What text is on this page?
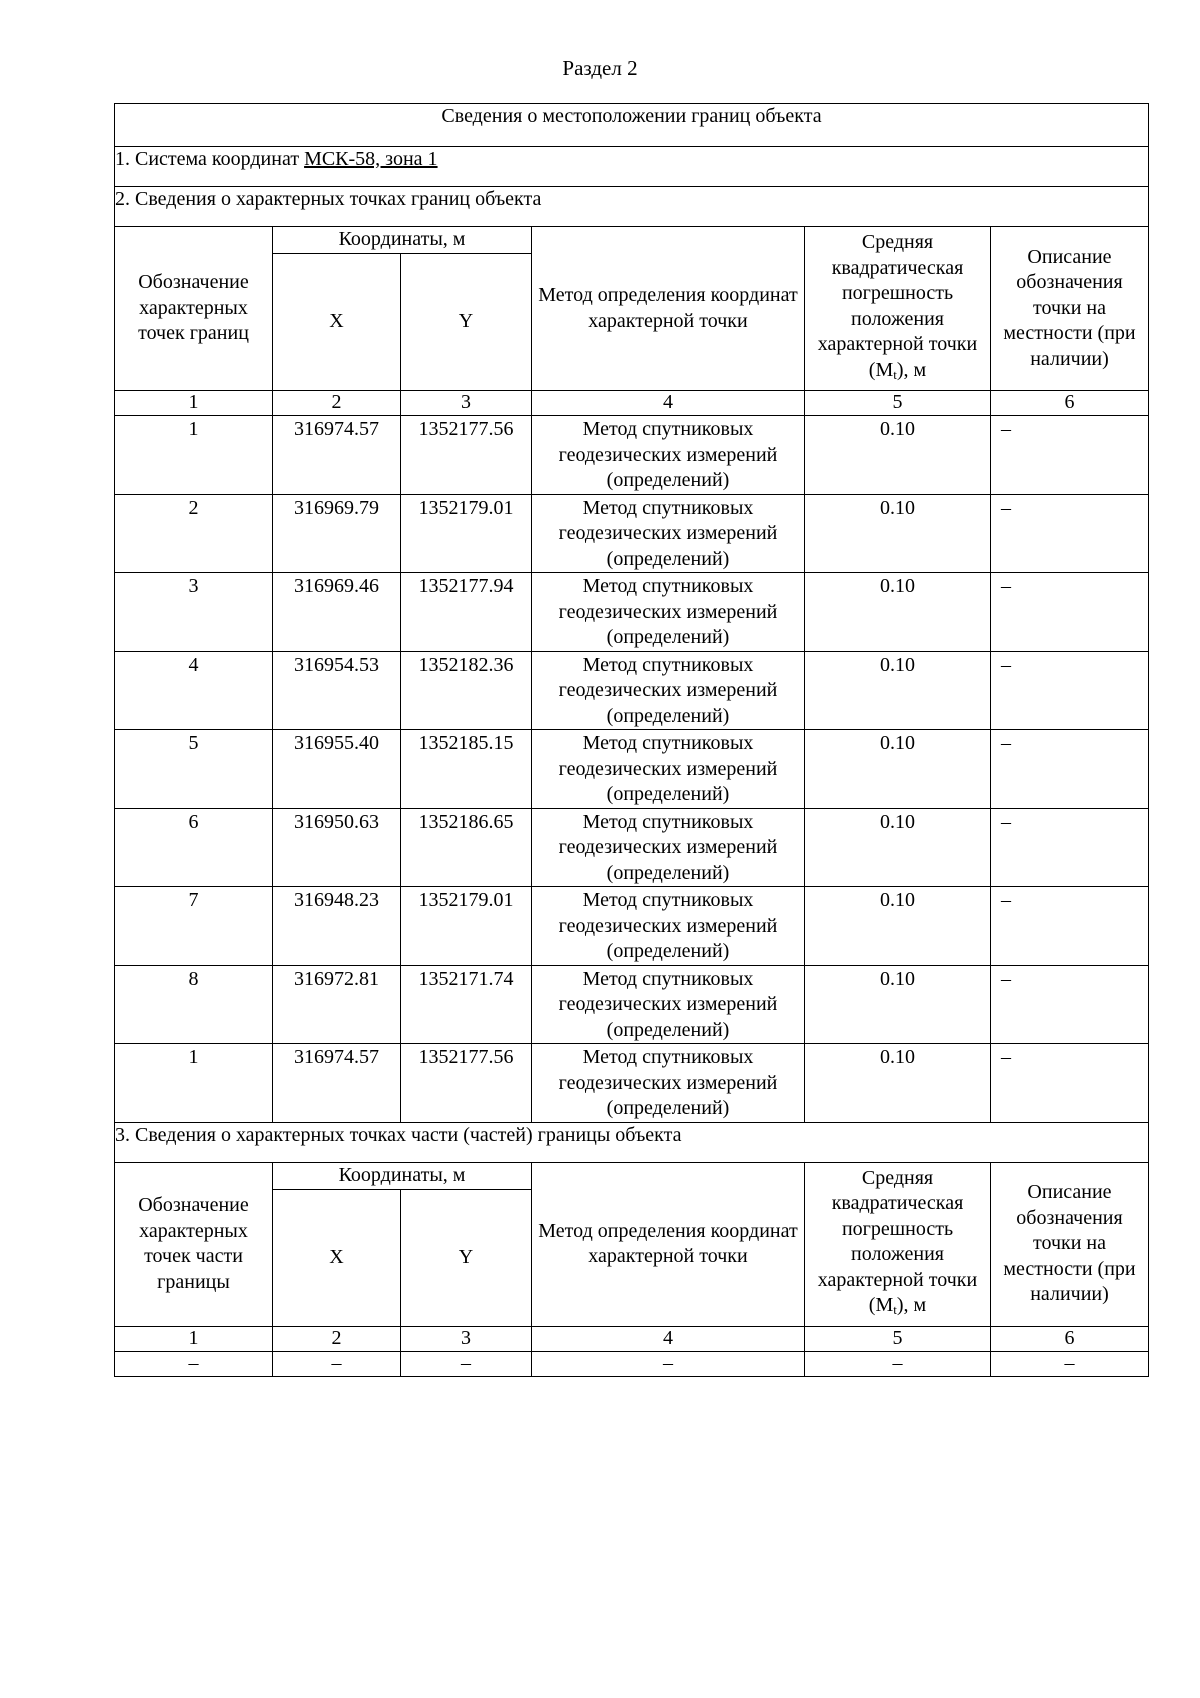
Раздел 2
Сведения о местоположении границ объекта					
1. Система координат МСК-58, зона 1					
2. Сведения о характерных точках границ объекта					
Обозначение характерных точек границ	Координаты, м		Метод определения координат характерной точки	Средняя квадратическая погрешность положения характерной точки $(M_t)$, м	Описание обозначения точки на местности (при наличии)
	X	Y			
1	2	3	4	5	6
1	316974.57	1352177.56	Метод спутниковых геодезических измерений (определений)	0.10	–
2	316969.79	1352179.01	Метод спутниковых геодезических измерений (определений)	0.10	–
3	316969.46	1352177.94	Метод спутниковых геодезических измерений (определений)	0.10	–
4	316954.53	1352182.36	Метод спутниковых геодезических измерений (определений)	0.10	–
5	316955.40	1352185.15	Метод спутниковых геодезических измерений (определений)	0.10	–
6	316950.63	1352186.65	Метод спутниковых геодезических измерений (определений)	0.10	–
7	316948.23	1352179.01	Метод спутниковых геодезических измерений (определений)	0.10	–
8	316972.81	1352171.74	Метод спутниковых геодезических измерений (определений)	0.10	–
1	316974.57	1352177.56	Метод спутниковых геодезических измерений (определений)	0.10	–
3. Сведения о характерных точках части (частей) границы объекта					
Обозначение характерных точек части границы	Координаты, м		Метод определения координат характерной точки	Средняя квадратическая погрешность положения характерной точки $(M_t)$, м	Описание обозначения точки на местности (при наличии)
	X	Y			
1	2	3	4	5	6
–	–	–	–	–	–
